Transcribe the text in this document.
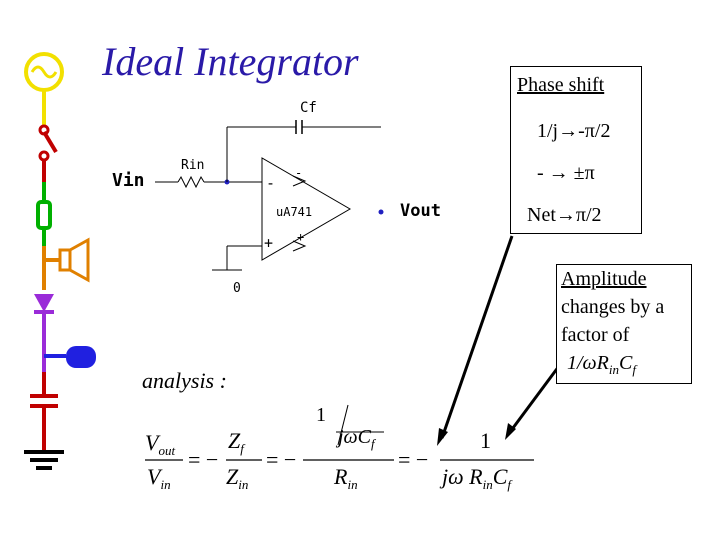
Ideal Integrator
Vin
Rin
Cf
-
-
uA741
+ +
Vout
0
Phase shift
1/j→-π/2
- → ±π
Net→π/2
Amplitude
changes by a
factor of
$1/\omega R_{in}C_f$
analysis :
$V_{out}$
$V_{in}$
= −
$Z_f$
$Z_{in}$
= −
1
jωC$_f$
$R_{in}$
= −
1
jω $R_{in}C_f$
